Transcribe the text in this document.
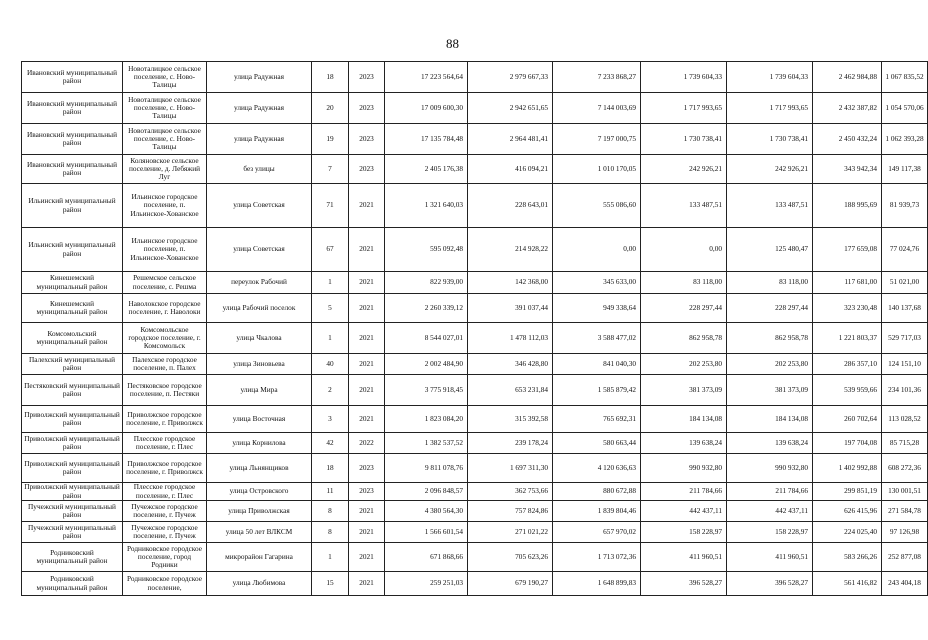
88
Ивановский муниципальный район	Новоталицкое сельское поселение, с. Ново-Талицы	улица Радужная	18	2023	17 223 564,64	2 979 667,33	7 233 868,27	1 739 604,33	1 739 604,33	2 462 984,88	1 067 835,52
Ивановский муниципальный район	Новоталицкое сельское поселение, с. Ново-Талицы	улица Радужная	20	2023	17 009 600,30	2 942 651,65	7 144 003,69	1 717 993,65	1 717 993,65	2 432 387,82	1 054 570,06
Ивановский муниципальный район	Новоталицкое сельское поселение, с. Ново-Талицы	улица Радужная	19	2023	17 135 784,48	2 964 481,41	7 197 000,75	1 730 738,41	1 730 738,41	2 450 432,24	1 062 393,28
Ивановский муниципальный район	Коляновское сельское поселение, д. Лебяжий Луг	без улицы	7	2023	2 405 176,38	416 094,21	1 010 170,05	242 926,21	242 926,21	343 942,34	149 117,38
Ильинский муниципальный район	Ильинское городское поселение, п. Ильинское-Хованское	улица Советская	71	2021	1 321 640,03	228 643,01	555 086,60	133 487,51	133 487,51	188 995,69	81 939,73
Ильинский муниципальный район	Ильинское городское поселение, п. Ильинское-Хованское	улица Советская	67	2021	595 092,48	214 928,22	0,00	0,00	125 480,47	177 659,08	77 024,76
Кинешемский муниципальный район	Решемское сельское поселение, с. Решма	переулок Рабочий	1	2021	822 939,00	142 368,00	345 633,00	83 118,00	83 118,00	117 681,00	51 021,00
Кинешемский муниципальный район	Наволокское городское поселение, г. Наволоки	улица Рабочий поселок	5	2021	2 260 339,12	391 037,44	949 338,64	228 297,44	228 297,44	323 230,48	140 137,68
Комсомольский муниципальный район	Комсомольское городское поселение, г. Комсомольск	улица Чкалова	1	2021	8 544 027,01	1 478 112,03	3 588 477,02	862 958,78	862 958,78	1 221 803,37	529 717,03
Палехский муниципальный район	Палехское городское поселение, п. Палех	улица Зиновьева	40	2021	2 002 484,90	346 428,80	841 040,30	202 253,80	202 253,80	286 357,10	124 151,10
Пестяковский муниципальный район	Пестяковское городское поселение, п. Пестяки	улица Мира	2	2021	3 775 918,45	653 231,84	1 585 879,42	381 373,09	381 373,09	539 959,66	234 101,36
Приволжский муниципальный район	Приволжское городское поселение, г. Приволжск	улица Восточная	3	2021	1 823 084,20	315 392,58	765 692,31	184 134,08	184 134,08	260 702,64	113 028,52
Приволжский муниципальный район	Плесское городское поселение, г. Плес	улица Корнилова	42	2022	1 382 537,52	239 178,24	580 663,44	139 638,24	139 638,24	197 704,08	85 715,28
Приволжский муниципальный район	Приволжское городское поселение, г. Приволжск	улица Льнянщиков	18	2023	9 811 078,76	1 697 311,30	4 120 636,63	990 932,80	990 932,80	1 402 992,88	608 272,36
Приволжский муниципальный район	Плесское городское поселение, г. Плес	улица Островского	11	2023	2 096 848,57	362 753,66	880 672,88	211 784,66	211 784,66	299 851,19	130 001,51
Пучежский муниципальный район	Пучежское городское поселение, г. Пучеж	улица Приволжская	8	2021	4 380 564,30	757 824,86	1 839 804,46	442 437,11	442 437,11	626 415,96	271 584,78
Пучежский муниципальный район	Пучежское городское поселение, г. Пучеж	улица 50 лет ВЛКСМ	8	2021	1 566 601,54	271 021,22	657 970,02	158 228,97	158 228,97	224 025,40	97 126,98
Родниковский муниципальный район	Родниковское городское поселение, город Родники	микрорайон Гагарина	1	2021	671 868,66	705 623,26	1 713 072,36	411 960,51	411 960,51	583 266,26	252 877,08
Родниковский муниципальный район	Родниковское городское поселение,	улица Любимова	15	2021	259 251,03	679 190,27	1 648 899,83	396 528,27	396 528,27	561 416,82	243 404,18
